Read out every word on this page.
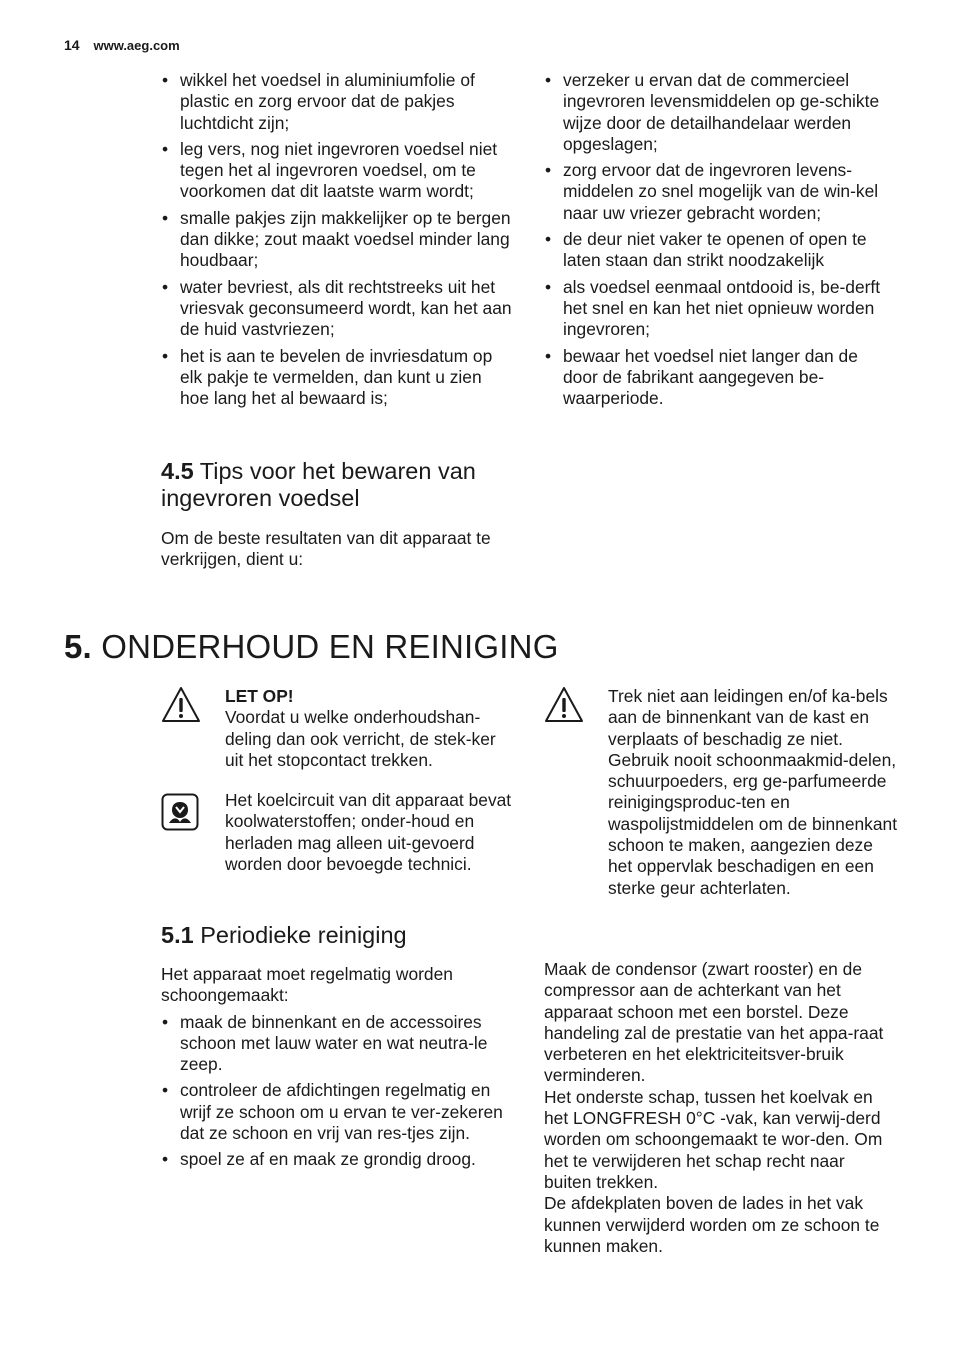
14 www.aeg.com
• wikkel het voedsel in aluminiumfolie of plastic en zorg ervoor dat de pakjes luchtdicht zijn;
• leg vers, nog niet ingevroren voedsel niet tegen het al ingevroren voedsel, om te voorkomen dat dit laatste warm wordt;
• smalle pakjes zijn makkelijker op te bergen dan dikke; zout maakt voedsel minder lang houdbaar;
• water bevriest, als dit rechtstreeks uit het vriesvak geconsumeerd wordt, kan het aan de huid vastvriezen;
• het is aan te bevelen de invriesdatum op elk pakje te vermelden, dan kunt u zien hoe lang het al bewaard is;
4.5 Tips voor het bewaren van ingevroren voedsel

Om de beste resultaten van dit apparaat te verkrijgen, dient u:

• verzeker u ervan dat de commercieel ingevroren levensmiddelen op ge-schikte wijze door de detailhandelaar werden opgeslagen;
• zorg ervoor dat de ingevroren levens-middelen zo snel mogelijk van de win-kel naar uw vriezer gebracht worden;
• de deur niet vaker te openen of open te laten staan dan strikt noodzakelijk
• als voedsel eenmaal ontdooid is, be-derft het snel en kan het niet opnieuw worden ingevroren;
• bewaar het voedsel niet langer dan de door de fabrikant aangegeven be-waarperiode.
5. ONDERHOUD EN REINIGING
LET OP!
Voordat u welke onderhoudshan-deling dan ook verricht, de stek-ker uit het stopcontact trekken.
Het koelcircuit van dit apparaat bevat koolwaterstoffen; onder-houd en herladen mag alleen uit-gevoerd worden door bevoegde technici.
5.1 Periodieke reiniging

Het apparaat moet regelmatig worden schoongemaakt:

• maak de binnenkant en de accessoires schoon met lauw water en wat neutra-le zeep.
• controleer de afdichtingen regelmatig en wrijf ze schoon om u ervan te ver-zekeren dat ze schoon en vrij van res-tjes zijn.
• spoel ze af en maak ze grondig droog.
Trek niet aan leidingen en/of ka-bels aan de binnenkant van de kast en verplaats of beschadig ze niet. Gebruik nooit schoonmaakmid-delen, schuurpoeders, erg ge-parfumeerde reinigingsproduc-ten en waspolijstmiddelen om de binnenkant schoon te maken, aangezien deze het oppervlak beschadigen en een sterke geur achterlaten.

Maak de condensor (zwart rooster) en de compressor aan de achterkant van het apparaat schoon met een borstel. Deze handeling zal de prestatie van het appa-raat verbeteren en het elektriciteitsver-bruik verminderen.

Het onderste schap, tussen het koelvak en het LONGFRESH 0°C -vak, kan verwij-derd worden om schoongemaakt te wor-den. Om het te verwijderen het schap recht naar buiten trekken.

De afdekplaten boven de lades in het vak kunnen verwijderd worden om ze schoon te kunnen maken.
